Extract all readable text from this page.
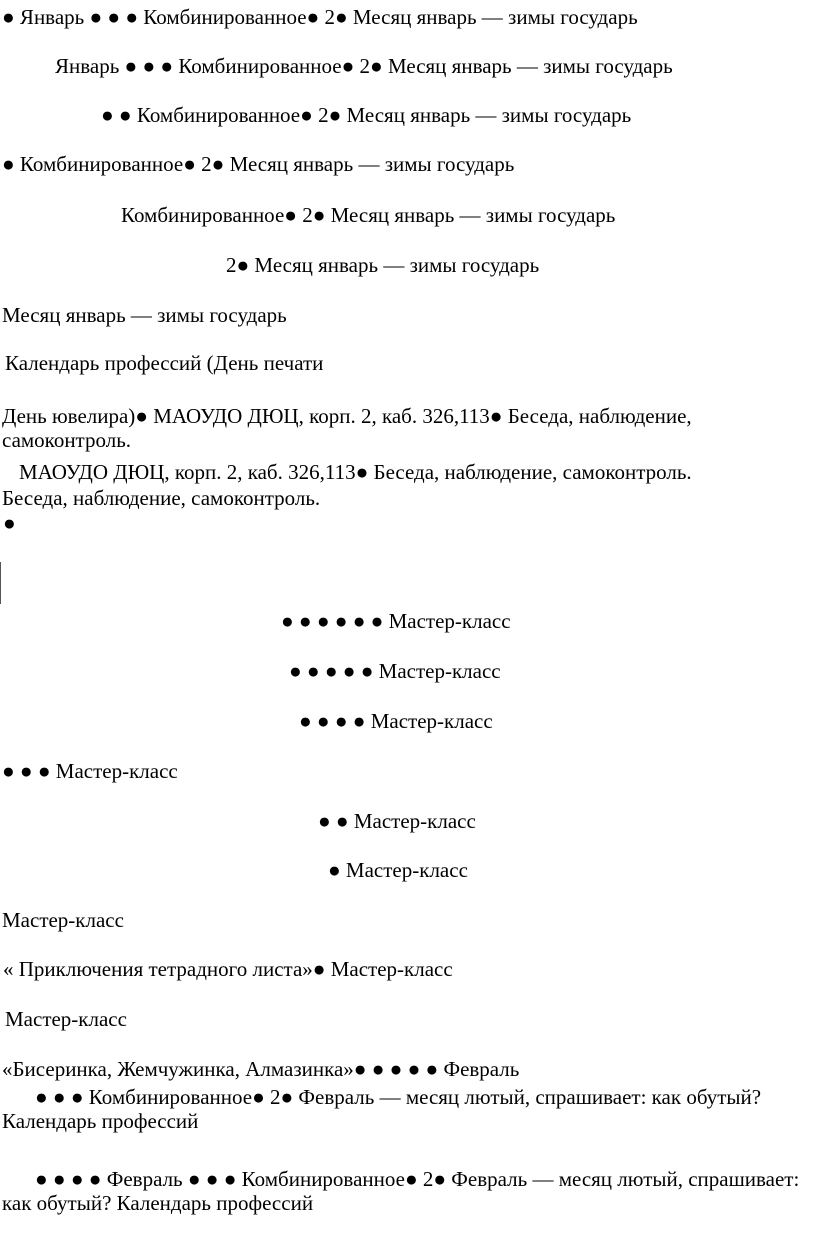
● Январь ● ● ● Комбинированное● 2● Месяц январь — зимы государь

Январь ● ● ● Комбинированное● 2● Месяц январь — зимы государь

● ● Комбинированное● 2● Месяц январь — зимы государь

● Комбинированное● 2● Месяц январь — зимы государь

Комбинированное● 2● Месяц январь — зимы государь

2● Месяц январь — зимы государь

Месяц январь — зимы государь

Календарь профессий (День печати

День ювелира)● МАОУДО ДЮЦ, корп. 2, каб. 326,113● Беседа, наблюдение, самоконтроль.

МАОУДО ДЮЦ, корп. 2, каб. 326,113● Беседа, наблюдение, самоконтроль.

Беседа, наблюдение, самоконтроль.

●

● ● ● ● ● ● Мастер-класс

● ● ● ● ● Мастер-класс

● ● ● ● Мастер-класс

● ● ● Мастер-класс

● ● Мастер-класс

● Мастер-класс

Мастер-класс

« Приключения тетрадного листа»● Мастер-класс

Мастер-класс

«Бисеринка, Жемчужинка, Алмазинка»● ● ● ● ● Февраль

● ● ● Комбинированное● 2● Февраль — месяц лютый, спрашивает: как обутый? Календарь профессий

● ● ● ● Февраль ● ● ● Комбинированное● 2● Февраль — месяц лютый, спрашивает: как обутый? Календарь профессий
